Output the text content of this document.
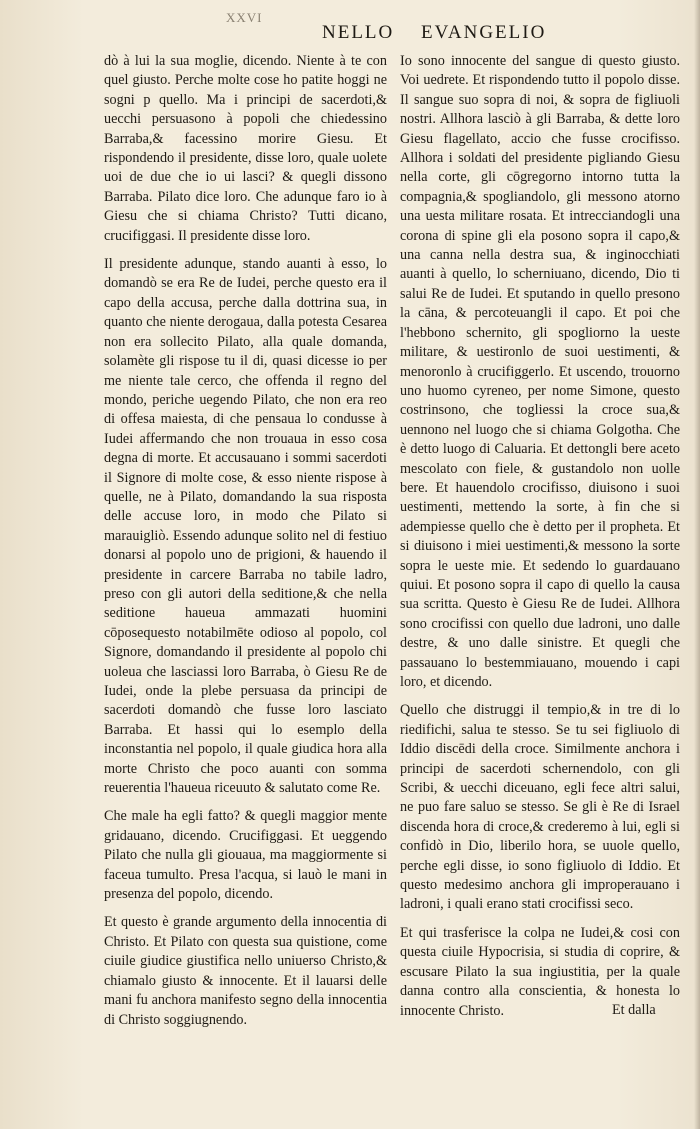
XXVI
NELLO EVANGELIO

dò à lui la sua moglie, dicendo. Niente à te con quel giusto. Perche molte cose ho patite hoggi ne sogni p quello. Ma i principi de sacerdoti,& uecchi persuasono à popoli che chiedessino Barraba,& facessino morire Giesu. Et rispondendo il presidente, disse loro, quale uolete uoi de due che io ui lasci? & quegli dissono Barraba. Pilato dice loro. Che adunque faro io à Giesu che si chiama Christo? Tutti dicano, crucifiggasi. Il presidente disse loro.

Il presidente adunque, stando auanti à esso, lo domandò se era Re de Iudei, perche questo era il capo della accusa, perche dalla dottrina sua, in quanto che niente derogaua, dalla potesta Cesarea non era sollecito Pilato, alla quale domanda, solamète gli rispose tu il di, quasi dicesse io per me niente tale cerco, che offenda il regno del mondo, periche uegendo Pilato, che non era reo di offesa maiesta, di che pensaua lo condusse à Iudei affermando che non trouaua in esso cosa degna di morte. Et accusauano i sommi sacerdoti il Signore di molte cose, & esso niente rispose à quelle, ne à Pilato, domandando la sua risposta delle accuse loro, in modo che Pilato si marauigliò. Essendo adunque solito nel di festiuo donarsi al popolo uno de prigioni, & hauendo il presidente in carcere Barraba no tabile ladro, preso con gli autori della seditione,& che nella seditione haueua ammazati huomini cōposequesto notabilmēte odioso al popolo, col Signore, domandando il presidente al popolo chi uoleua che lasciassi loro Barraba, ò Giesu Re de Iudei, onde la plebe persuasa da principi de sacerdoti domandò che fusse loro lasciato Barraba. Et hassi qui lo esemplo della inconstantia nel popolo, il quale giudica hora alla morte Christo che poco auanti con somma reuerentia l'haueua riceuuto & salutato come Re.

Che male ha egli fatto? & quegli maggior mente gridauano, dicendo. Crucifiggasi. Et ueggendo Pilato che nulla gli giouaua, ma maggiormente si faceua tumulto. Presa l'acqua, si lauò le mani in presenza del popolo, dicendo.

Et questo è grande argumento della innocentia di Christo. Et Pilato con questa sua quistione, come ciuile giudice giustifica nello uniuerso Christo,& chiamalo giusto & innocente. Et il lauarsi delle mani fu anchora manifesto segno della innocentia di Christo soggiugnendo.

Io sono innocente del sangue di questo giusto. Voi uedrete. Et rispondendo tutto il popolo disse. Il sangue suo sopra di noi, & sopra de figliuoli nostri. Allhora lasciò à gli Barraba, & dette loro Giesu flagellato, accio che fusse crocifisso. Allhora i soldati del presidente pigliando Giesu nella corte, gli cōgregorno intorno tutta la compagnia,& spogliandolo, gli messono atorno una uesta militare rosata. Et intrecciandogli una corona di spine gli ela posono sopra il capo,& una canna nella destra sua, & inginocchiati auanti à quello, lo scherniuano, dicendo, Dio ti salui Re de Iudei. Et sputando in quello presono la cāna, & percoteuangli il capo. Et poi che l'hebbono schernito, gli spogliorno la ueste militare, & uestironlo de suoi uestimenti, & menoronlo à crucifiggerlo. Et uscendo, trouorno uno huomo cyreneo, per nome Simone, questo costrinsono, che togliessi la croce sua,& uennono nel luogo che si chiama Golgotha. Che è detto luogo di Caluaria. Et dettongli bere aceto mescolato con fiele, & gustandolo non uolle bere. Et hauendolo crocifisso, diuisono i suoi uestimenti, mettendo la sorte, à fin che si adempiesse quello che è detto per il propheta. Et si diuisono i miei uestimenti,& messono la sorte sopra le ueste mie. Et sedendo lo guardauano quiui. Et posono sopra il capo di quello la causa sua scritta. Questo è Giesu Re de Iudei. Allhora sono crocifissi con quello due ladroni, uno dalle destre, & uno dalle sinistre. Et quegli che passauano lo bestemmiauano, mouendo i capi loro, et dicendo.

Quello che distruggi il tempio,& in tre di lo riedifichi, salua te stesso. Se tu sei figliuolo di Iddio discēdi della croce. Similmente anchora i principi de sacerdoti schernendolo, con gli Scribi, & uecchi diceuano, egli fece altri salui, ne puo fare saluo se stesso. Se gli è Re di Israel discenda hora di croce,& crederemo à lui, egli si confidò in Dio, liberilo hora, se uuole quello, perche egli disse, io sono figliuolo di Iddio. Et questo medesimo anchora gli improperauano i ladroni, i quali erano stati crocifissi seco.

Et qui trasferisce la colpa ne Iudei,& cosi con questa ciuile Hypocrisia, si studia di coprire, & escusare Pilato la sua ingiustitia, per la quale danna contro alla conscientia, & honesta lo innocente Christo.	Et dalla
